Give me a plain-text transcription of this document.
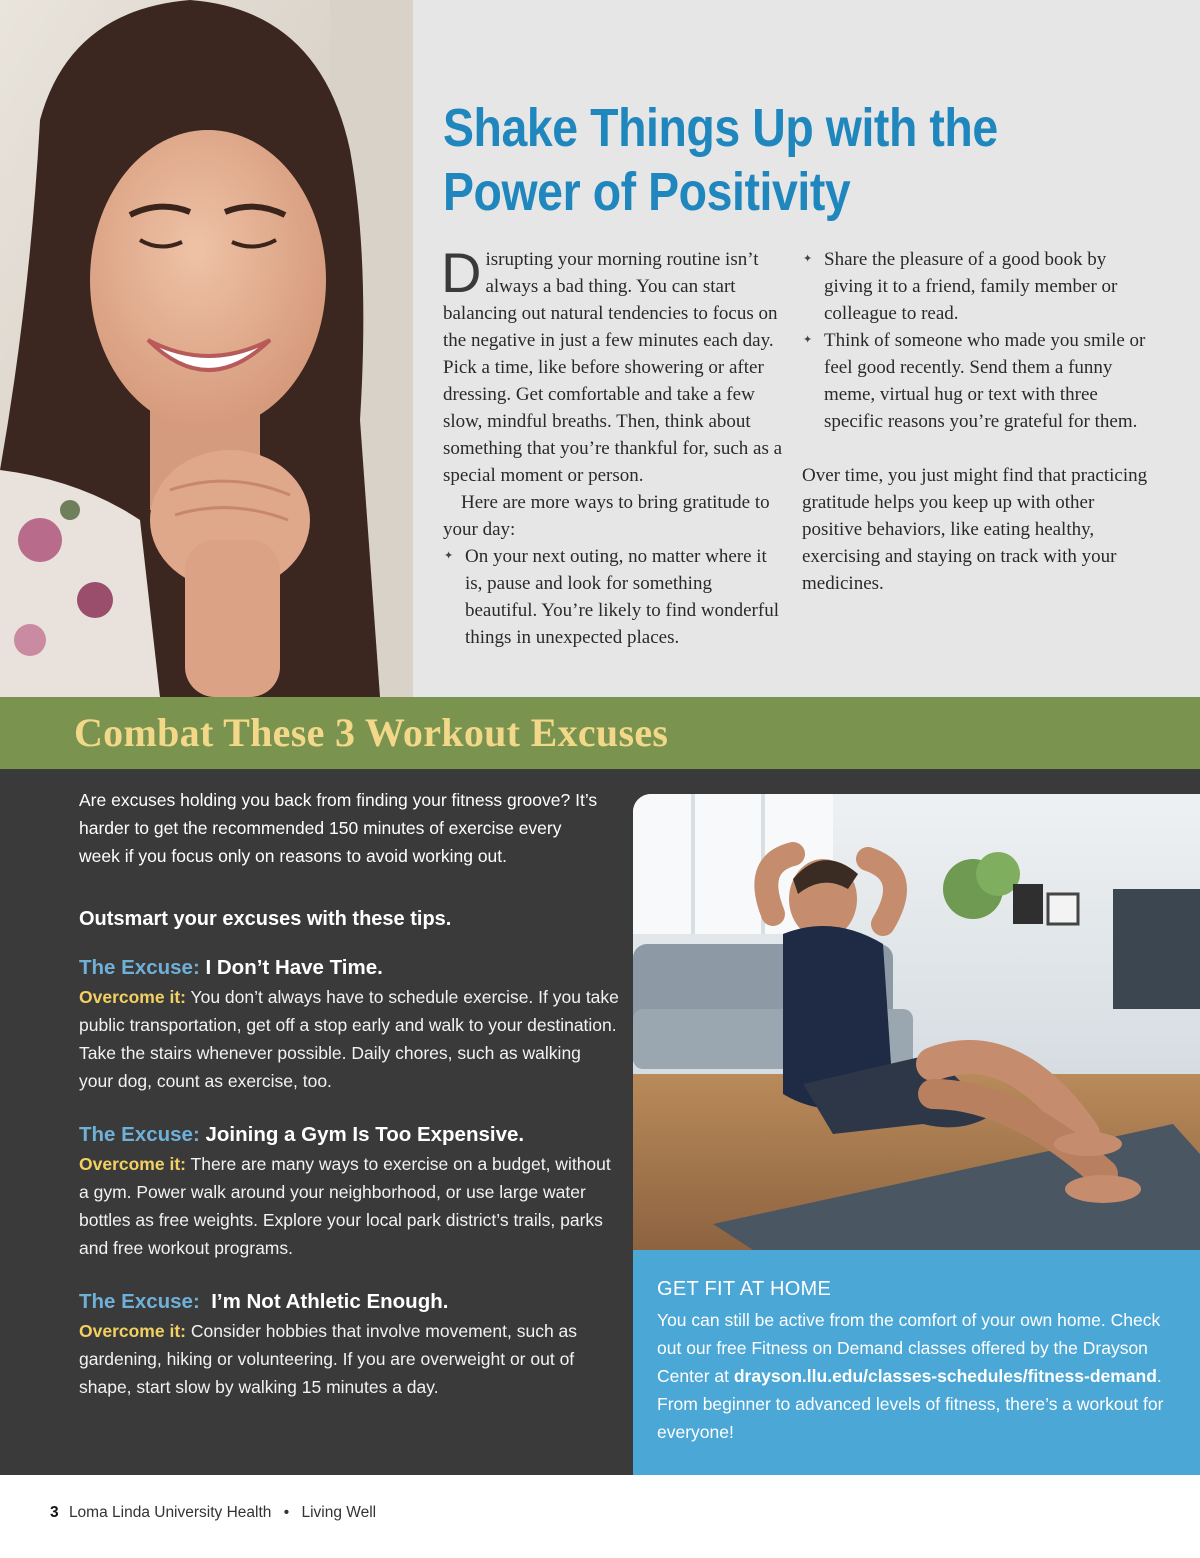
Shake Things Up with the
Power of Positivity

Disrupting your morning routine isn’t always a bad thing. You can start balancing out natural tendencies to focus on the negative in just a few minutes each day. Pick a time, like before showering or after dressing. Get comfortable and take a few slow, mindful breaths. Then, think about something that you’re thankful for, such as a special moment or person.

Here are more ways to bring gratitude to your day:

✦ On your next outing, no matter where it is, pause and look for something beautiful. You’re likely to find wonderful things in unexpected places.

✦ Share the pleasure of a good book by giving it to a friend, family member or colleague to read.

✦ Think of someone who made you smile or feel good recently. Send them a funny meme, virtual hug or text with three specific reasons you’re grateful for them.

Over time, you just might find that practicing gratitude helps you keep up with other positive behaviors, like eating healthy, exercising and staying on track with your medicines.

Combat These 3 Workout Excuses

Are excuses holding you back from finding your fitness groove? It’s harder to get the recommended 150 minutes of exercise every week if you focus only on reasons to avoid working out.

Outsmart your excuses with these tips.

The Excuse: I Don’t Have Time.

Overcome it: You don’t always have to schedule exercise. If you take public transportation, get off a stop early and walk to your destination. Take the stairs whenever possible. Daily chores, such as walking your dog, count as exercise, too.

The Excuse: Joining a Gym Is Too Expensive.

Overcome it: There are many ways to exercise on a budget, without a gym. Power walk around your neighborhood, or use large water bottles as free weights. Explore your local park district’s trails, parks and free workout programs.

The Excuse: I’m Not Athletic Enough.

Overcome it: Consider hobbies that involve movement, such as gardening, hiking or volunteering. If you are overweight or out of shape, start slow by walking 15 minutes a day.

GET FIT AT HOME

You can still be active from the comfort of your own home. Check out our free Fitness on Demand classes offered by the Drayson Center at drayson.llu.edu/classes-schedules/fitness-demand. From beginner to advanced levels of fitness, there’s a workout for everyone!

3 Loma Linda University Health • Living Well
